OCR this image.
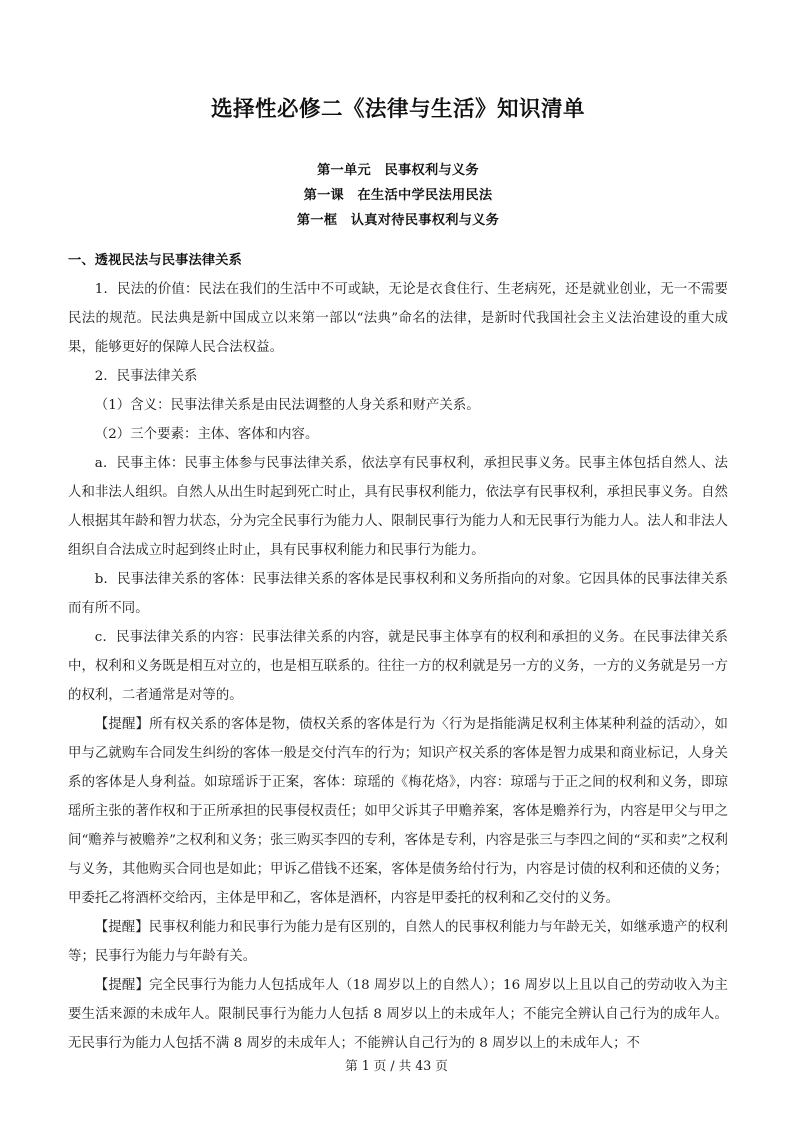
选择性必修二《法律与生活》知识清单
第一单元　民事权利与义务
第一课　在生活中学民法用民法
第一框　认真对待民事权利与义务
一、透视民法与民事法律关系

1．民法的价值：民法在我们的生活中不可或缺，无论是衣食住行、生老病死，还是就业创业，无一不需要民法的规范。民法典是新中国成立以来第一部以“法典”命名的法律，是新时代我国社会主义法治建设的重大成果，能够更好的保障人民合法权益。

2．民事法律关系

（1）含义：民事法律关系是由民法调整的人身关系和财产关系。

（2）三个要素：主体、客体和内容。

a．民事主体：民事主体参与民事法律关系，依法享有民事权利，承担民事义务。民事主体包括自然人、法人和非法人组织。自然人从出生时起到死亡时止，具有民事权利能力，依法享有民事权利，承担民事义务。自然人根据其年龄和智力状态，分为完全民事行为能力人、限制民事行为能力人和无民事行为能力人。法人和非法人组织自合法成立时起到终止时止，具有民事权利能力和民事行为能力。

b．民事法律关系的客体：民事法律关系的客体是民事权利和义务所指向的对象。它因具体的民事法律关系而有所不同。

c．民事法律关系的内容：民事法律关系的内容，就是民事主体享有的权利和承担的义务。在民事法律关系中，权利和义务既是相互对立的，也是相互联系的。往往一方的权利就是另一方的义务，一方的义务就是另一方的权利，二者通常是对等的。

【提醒】所有权关系的客体是物，债权关系的客体是行为〈行为是指能满足权利主体某种利益的活动〉，如甲与乙就购车合同发生纠纷的客体一般是交付汽车的行为；知识产权关系的客体是智力成果和商业标记，人身关系的客体是人身利益。如琼瑶诉于正案，客体：琼瑶的《梅花烙》，内容：琼瑶与于正之间的权利和义务，即琼瑶所主张的著作权和于正所承担的民事侵权责任；如甲父诉其子甲赡养案，客体是赡养行为，内容是甲父与甲之间“赡养与被赡养”之权利和义务；张三购买李四的专利，客体是专利，内容是张三与李四之间的“买和卖”之权利与义务，其他购买合同也是如此；甲诉乙借钱不还案，客体是债务给付行为，内容是讨债的权利和还债的义务；甲委托乙将酒杯交给丙，主体是甲和乙，客体是酒杯，内容是甲委托的权利和乙交付的义务。

【提醒】民事权利能力和民事行为能力是有区别的，自然人的民事权利能力与年龄无关，如继承遗产的权利等；民事行为能力与年龄有关。

【提醒】完全民事行为能力人包括成年人（18 周岁以上的自然人）；16 周岁以上且以自己的劳动收入为主要生活来源的未成年人。限制民事行为能力人包括 8 周岁以上的未成年人；不能完全辨认自己行为的成年人。无民事行为能力人包括不满 8 周岁的未成年人；不能辨认自己行为的 8 周岁以上的未成年人；不

第 1 页 / 共 43 页
